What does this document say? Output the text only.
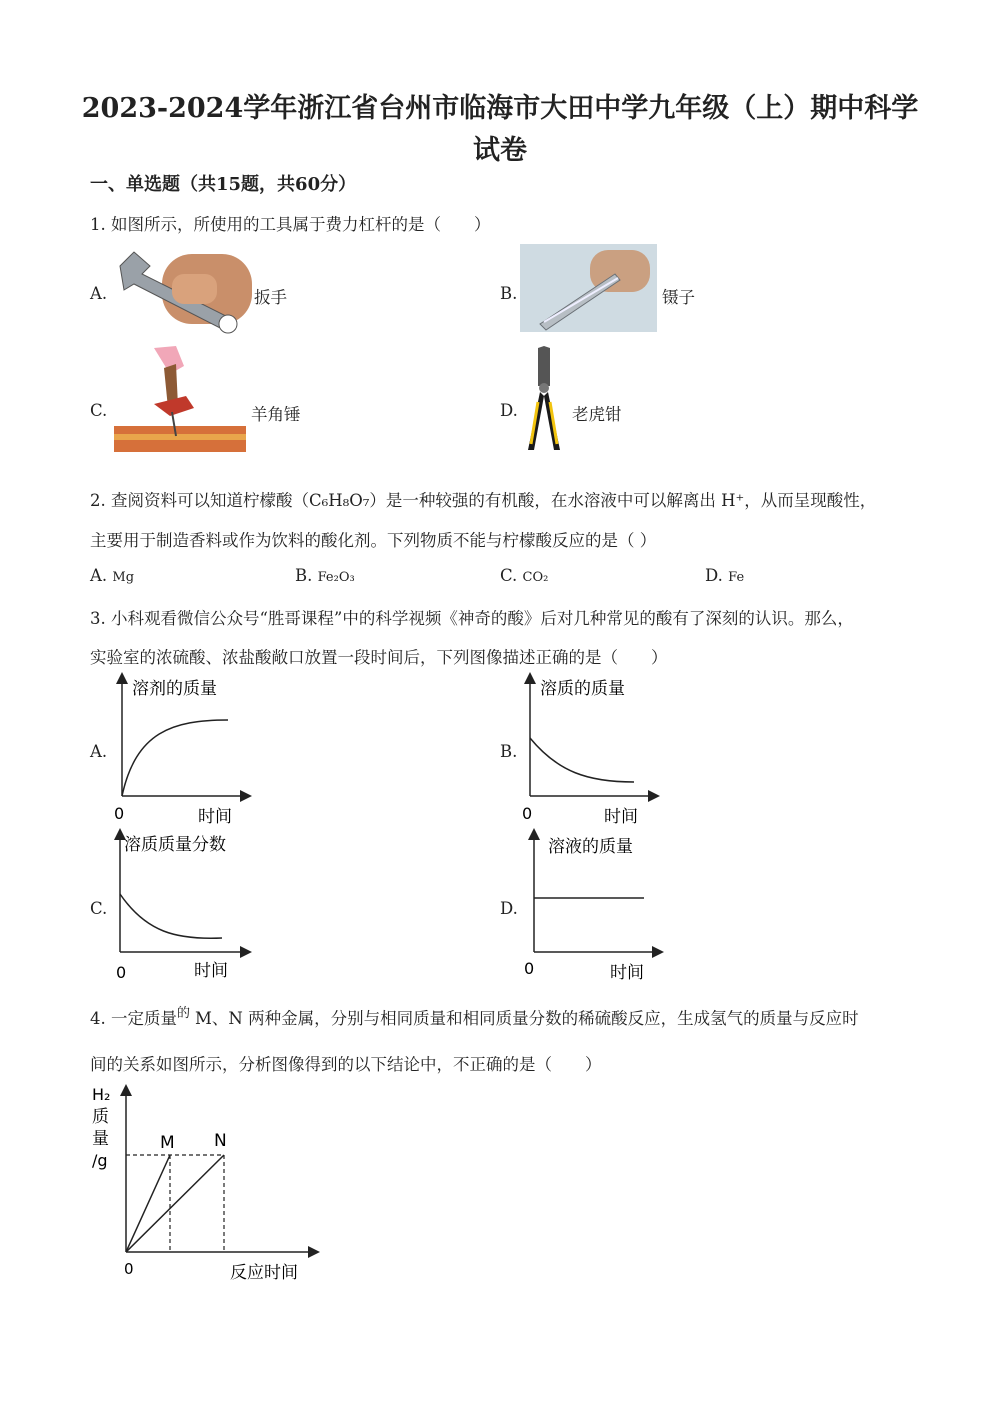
2023-2024学年浙江省台州市临海市大田中学九年级（上）期中科学
试卷
一、单选题（共15题，共60分）
1. 如图所示，所使用的工具属于费力杠杆的是（　　）
A.	扳手	B.	镊子
C.	羊角锤	D.	老虎钳
2. 查阅资料可以知道柠檬酸（C₆H₈O₇）是一种较强的有机酸，在水溶液中可以解离出 H⁺，从而呈现酸性，
主要用于制造香料或作为饮料的酸化剂。下列物质不能与柠檬酸反应的是（ ）
A. Mg	B. Fe₂O₃	C. CO₂	D. Fe
3. 小科观看微信公众号“胜哥课程”中的科学视频《神奇的酸》后对几种常见的酸有了深刻的认识。那么，
实验室的浓硫酸、浓盐酸敞口放置一段时间后，下列图像描述正确的是（　　）
A.
溶剂的质量
0	时间
B.
溶质的质量
0	时间
C.
溶质质量分数
0	时间
D.
溶液的质量
0	时间
4. 一定质量 的 M、N 两种金属，分别与相同质量和相同质量分数的稀硫酸反应，生成氢气的质量与反应时
间的关系如图所示，分析图像得到的以下结论中，不正确的是（　　）
H₂
质
量
/g
M N
0	反应时间
